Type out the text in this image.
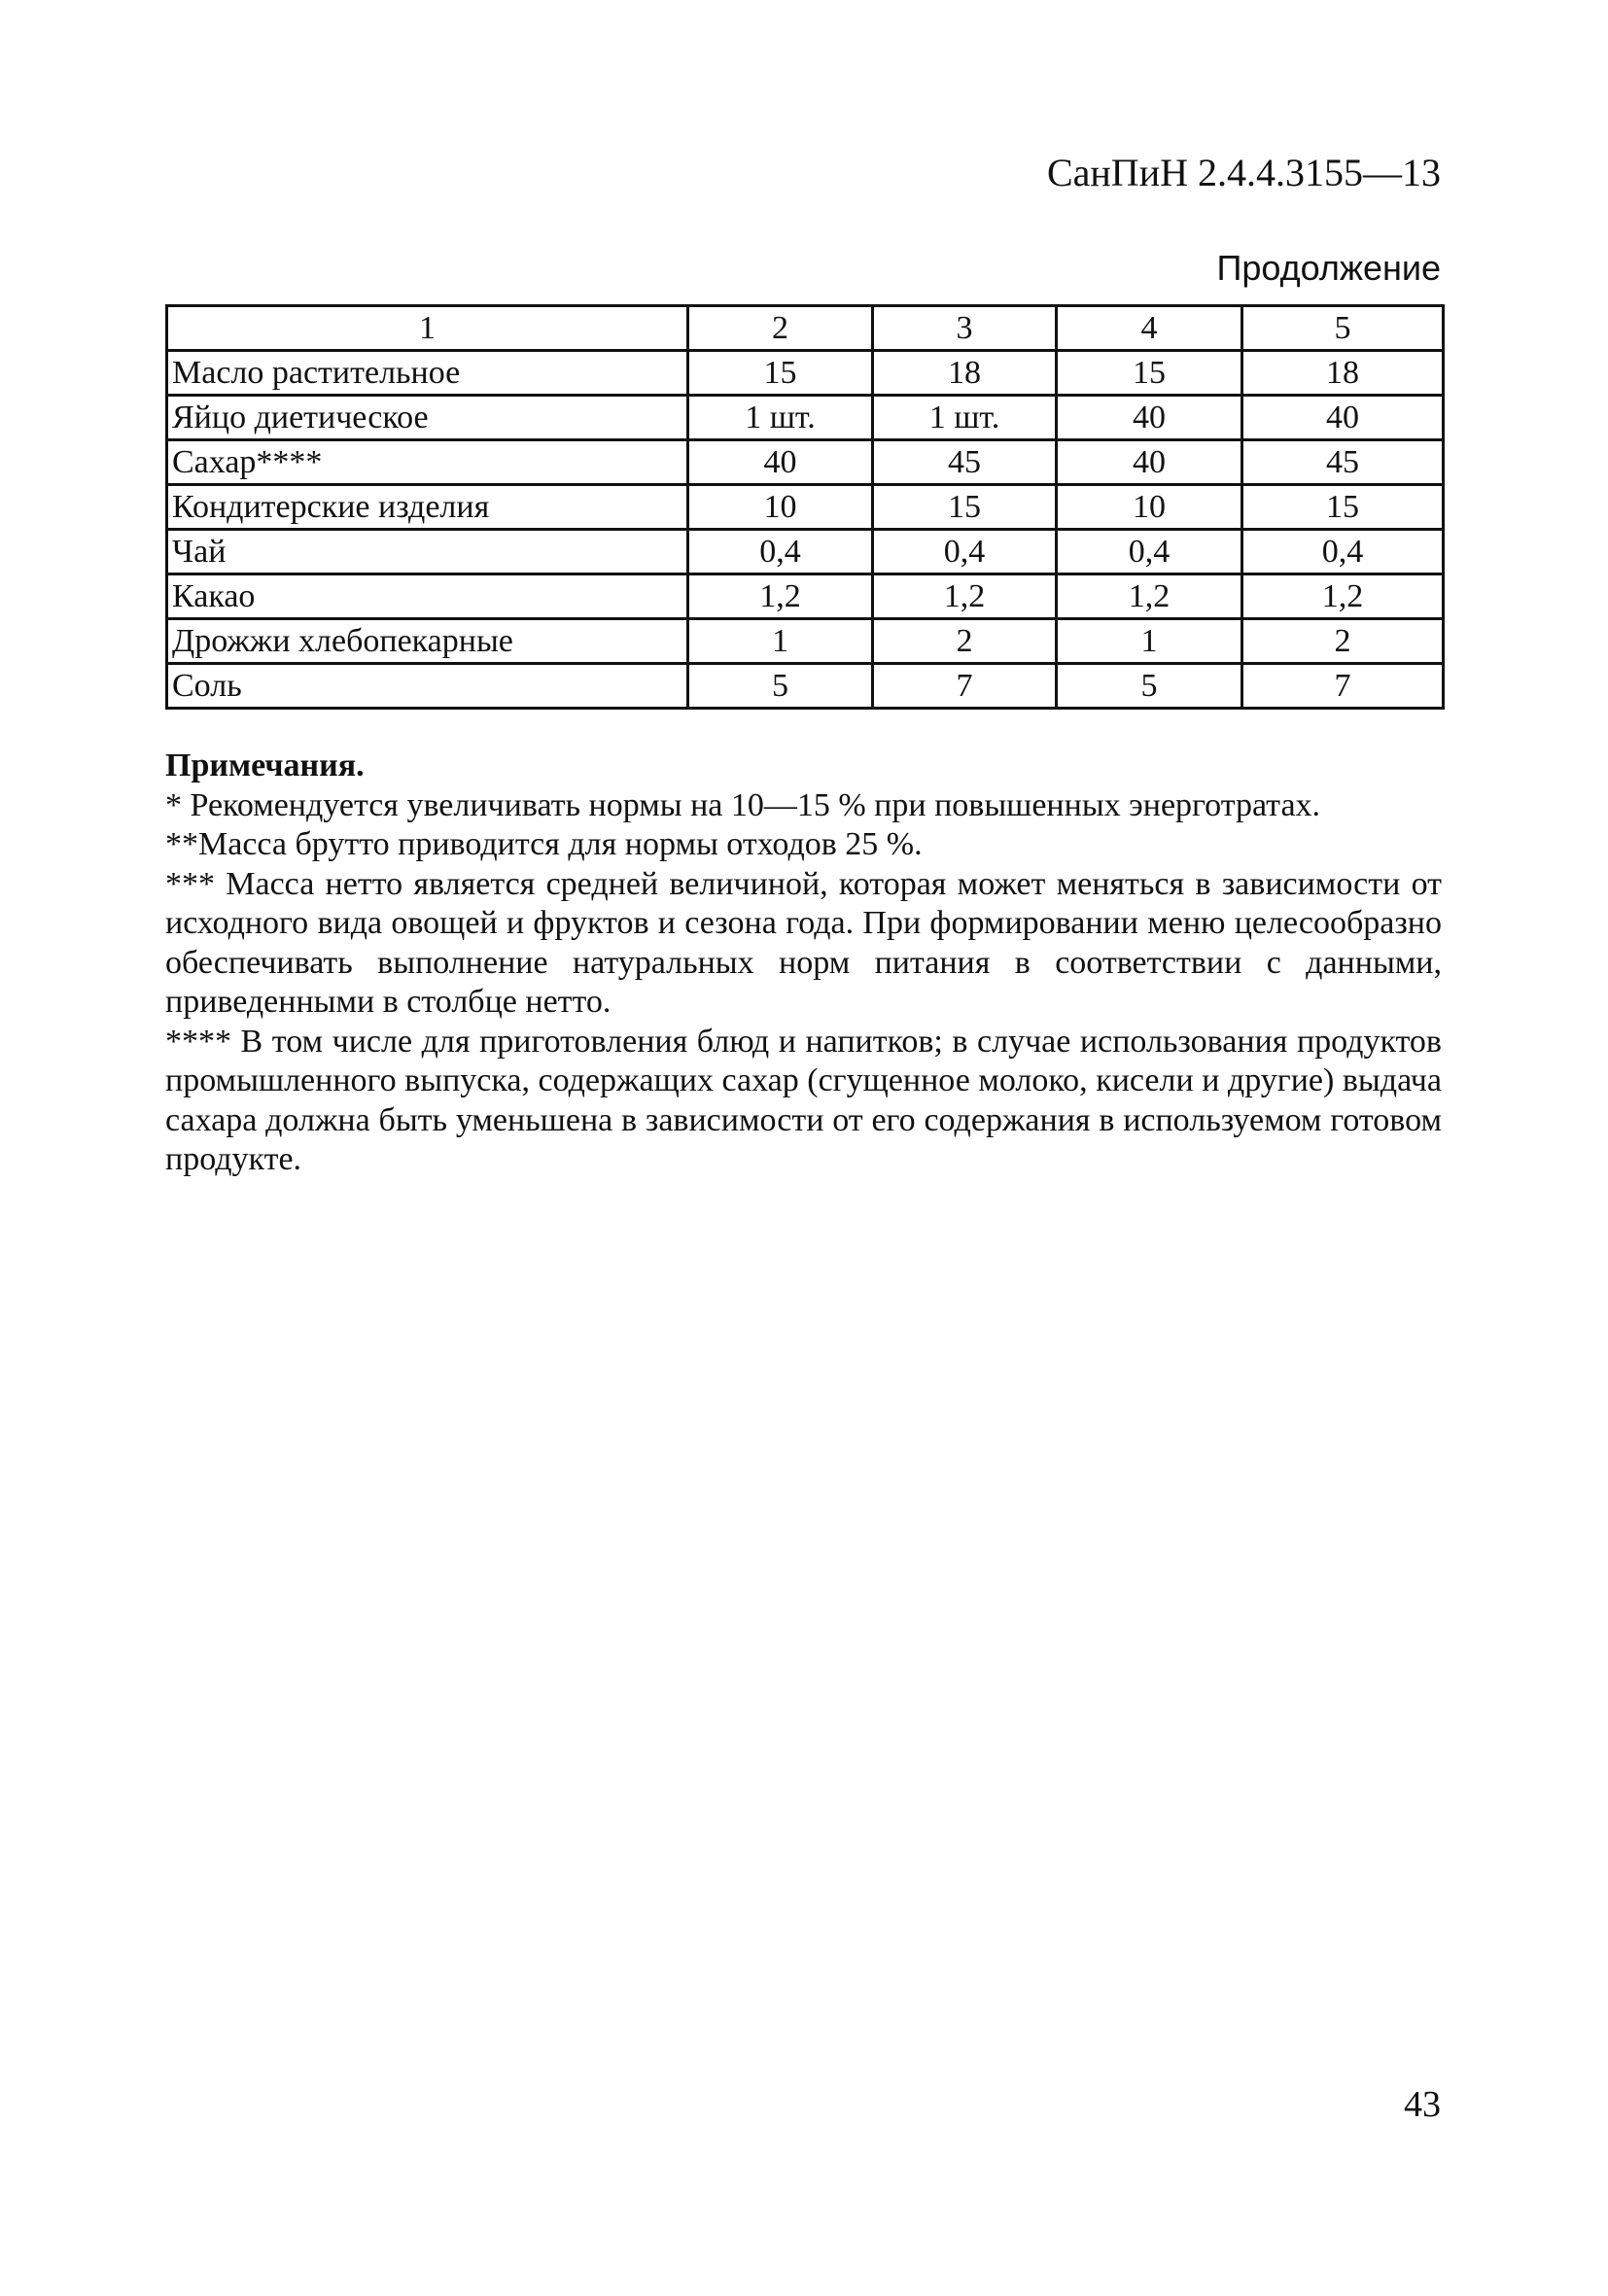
СанПиН 2.4.4.3155—13
Продолжение
1	2	3	4	5
Масло растительное	15	18	15	18
Яйцо диетическое	1 шт.	1 шт.	40	40
Сахар****	40	45	40	45
Кондитерские изделия	10	15	10	15
Чай	0,4	0,4	0,4	0,4
Какао	1,2	1,2	1,2	1,2
Дрожжи хлебопекарные	1	2	1	2
Соль	5	7	5	7

Примечания.

* Рекомендуется увеличивать нормы на 10—15 % при повышенных энерготратах.

**Масса брутто приводится для нормы отходов 25 %.

*** Масса нетто является средней величиной, которая может меняться в зависимости от исходного вида овощей и фруктов и сезона года. При формировании меню целесообразно обеспечивать выполнение натуральных норм питания в соответствии с данными, приведенными в столбце нетто.

**** В том числе для приготовления блюд и напитков; в случае использования продуктов промышленного выпуска, содержащих сахар (сгущенное молоко, кисели и другие) выдача сахара должна быть уменьшена в зависимости от его содержания в используемом готовом продукте.

43
